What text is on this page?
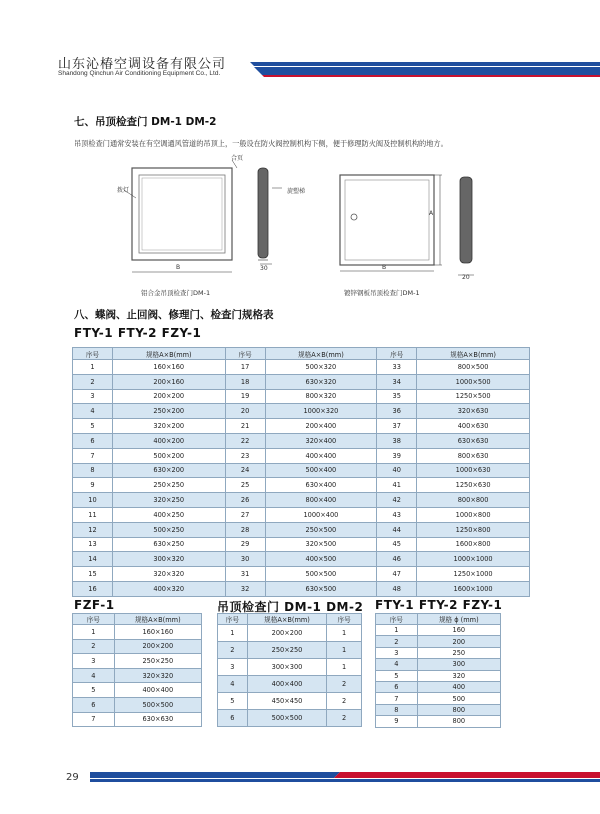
山东沁椿空调设备有限公司
Shandong Qinchun Air Conditioning Equipment Co., Ltd.
七、吊顶检查门 DM-1 DM-2
吊顶检查门通常安装在有空调通风管道的吊顶上，一般设在防火阀控制机构下侧，便于修理防火阀及控制机构的地方。
拨灯
合页
旋塑梯
B	30
铝合金吊顶检查门DM-1
A
B
20
镀锌钢板吊顶检查门DM-1
八、蝶阀、止回阀、修理门、检查门规格表
FTY-1 FTY-2 FZY-1
序号	规格A×B(mm)	序号	规格A×B(mm)	序号	规格A×B(mm)
1	160×160	17	500×320	33	800×500
2	200×160	18	630×320	34	1000×500
3	200×200	19	800×320	35	1250×500
4	250×200	20	1000×320	36	320×630
5	320×200	21	200×400	37	400×630
6	400×200	22	320×400	38	630×630
7	500×200	23	400×400	39	800×630
8	630×200	24	500×400	40	1000×630
9	250×250	25	630×400	41	1250×630
10	320×250	26	800×400	42	800×800
11	400×250	27	1000×400	43	1000×800
12	500×250	28	250×500	44	1250×800
13	630×250	29	320×500	45	1600×800
14	300×320	30	400×500	46	1000×1000
15	320×320	31	500×500	47	1250×1000
16	400×320	32	630×500	48	1600×1000
FZF-1
序号	规格A×B(mm)
1	160×160
2	200×200
3	250×250
4	320×320
5	400×400
6	500×500
7	630×630
吊顶检查门 DM-1 DM-2
序号	规格A×B(mm)	序号
1	200×200	1
2	250×250	1
3	300×300	1
4	400×400	2
5	450×450	2
6	500×500	2
FTY-1 FTY-2 FZY-1
序号	规格 ϕ (mm)
1	160
2	200
3	250
4	300
5	320
6	400
7	500
8	800
9	800
29
